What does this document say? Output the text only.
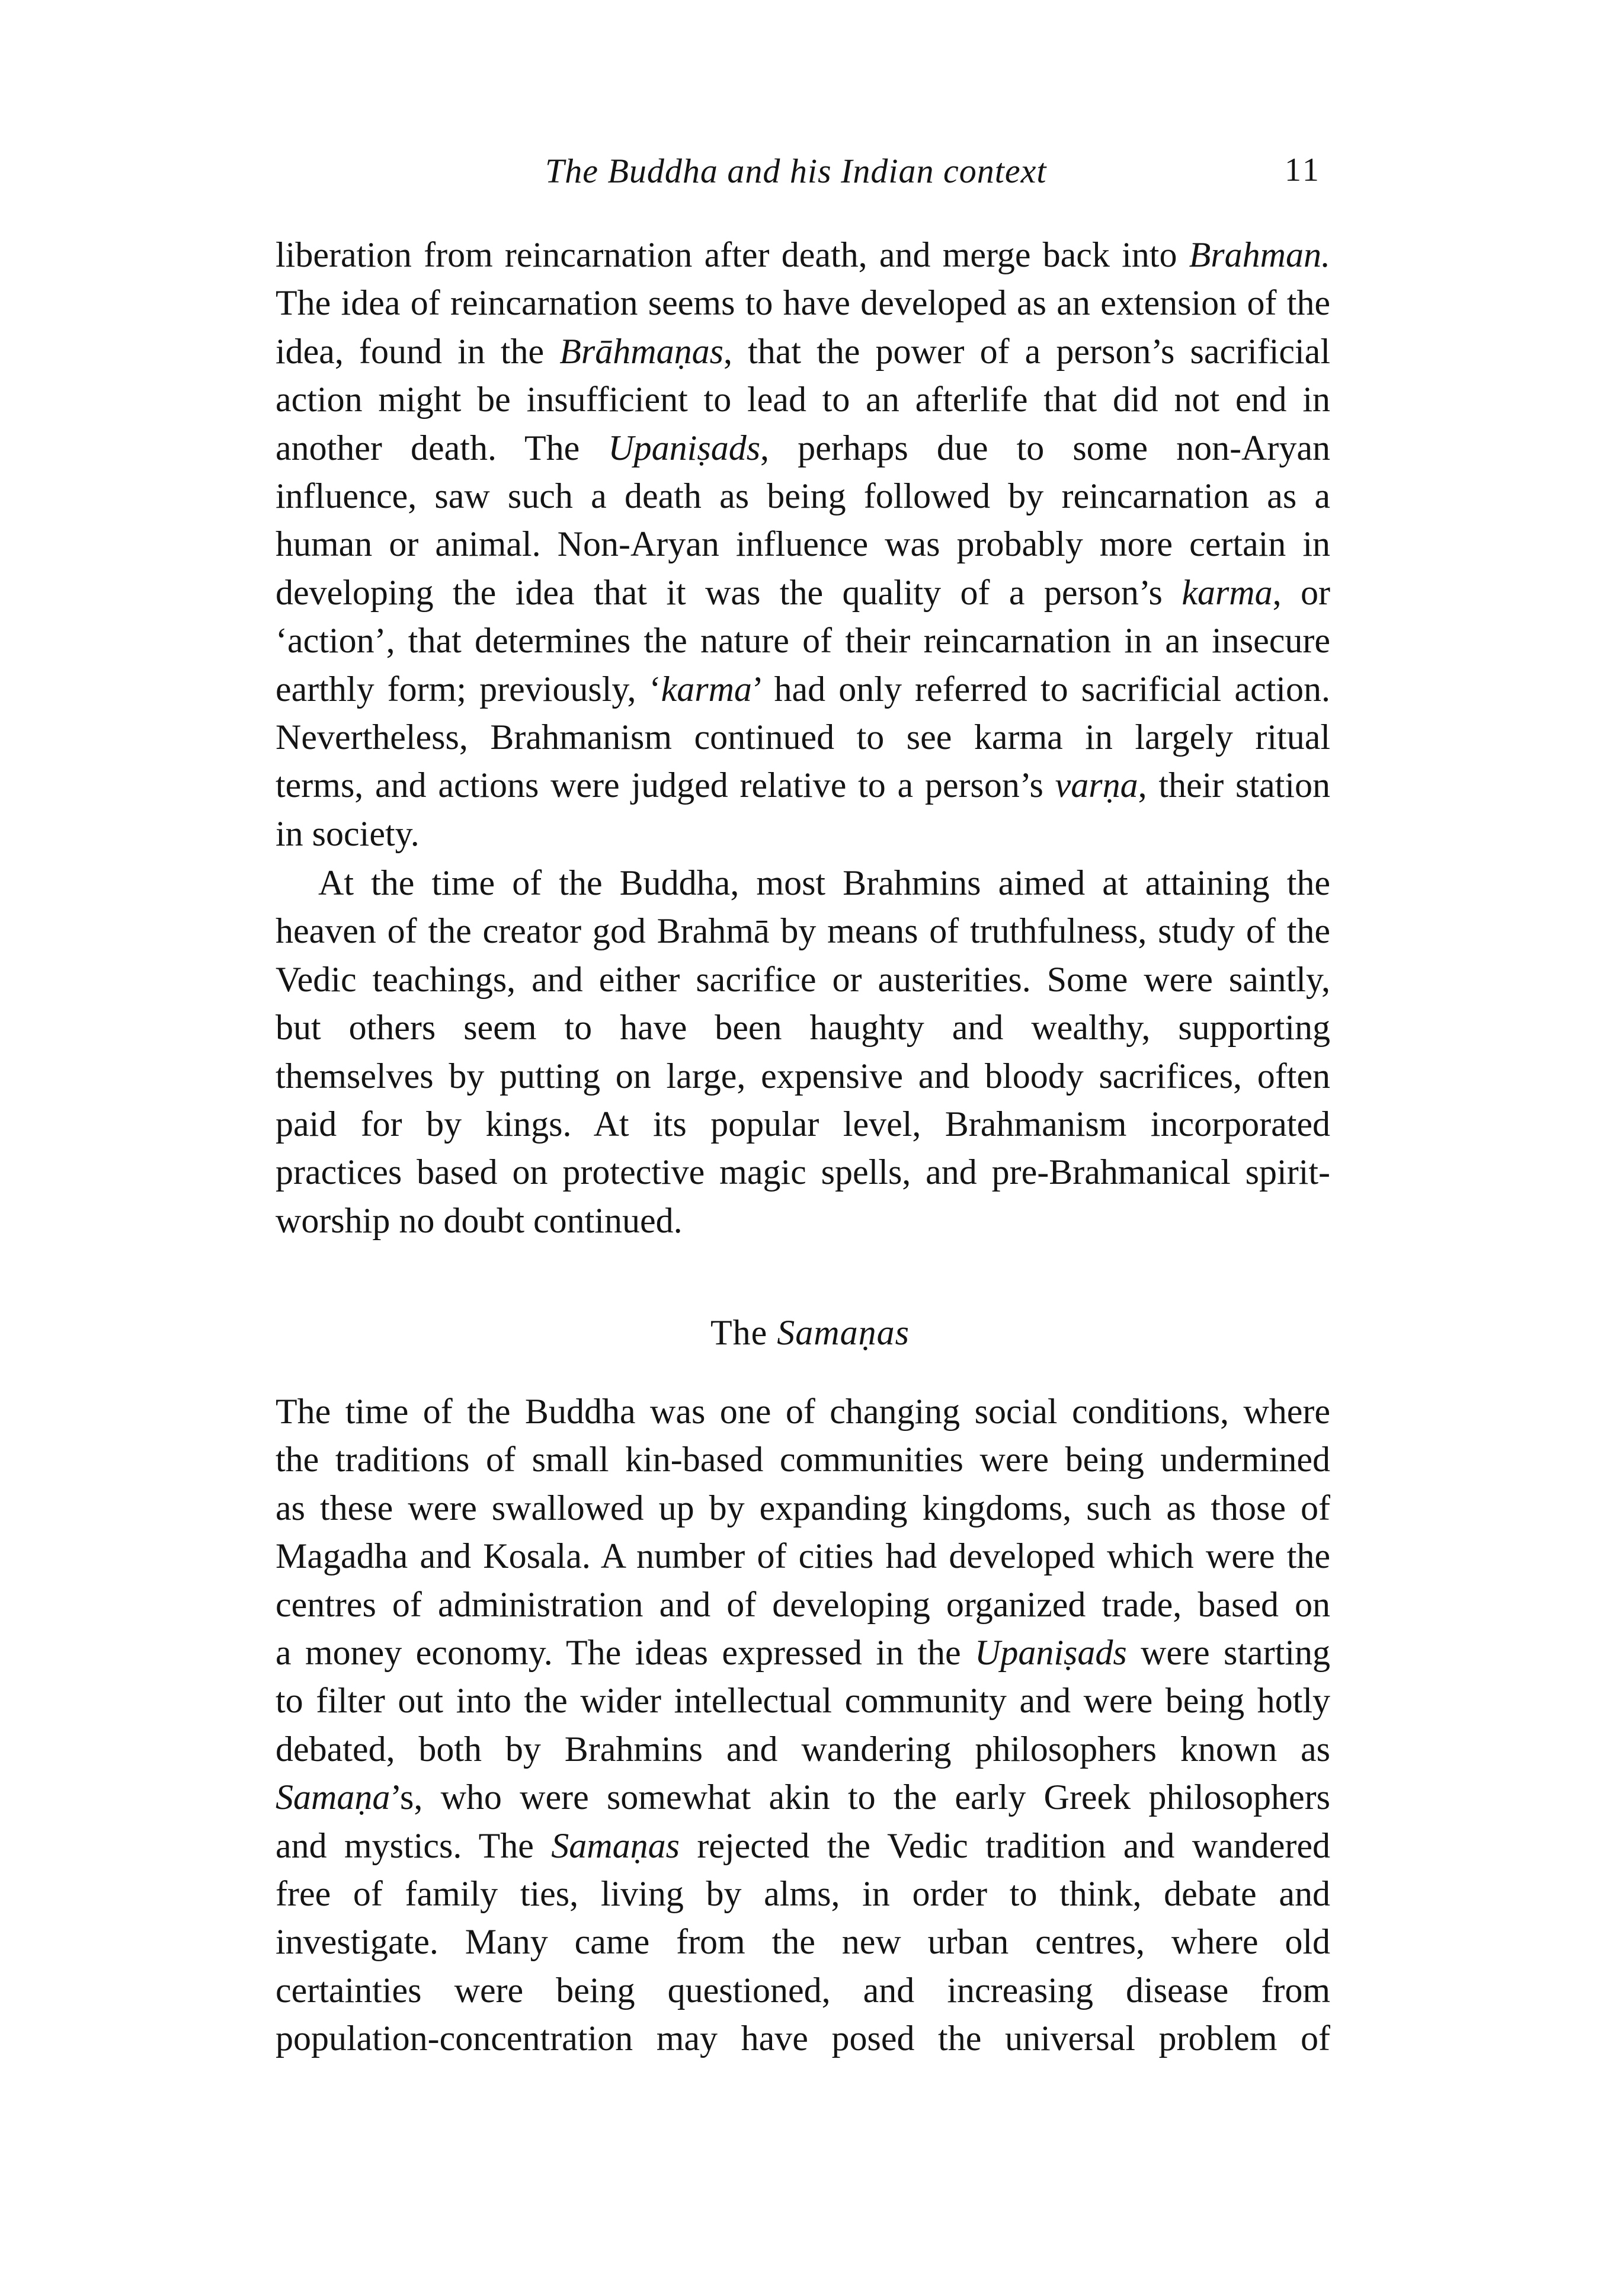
The Buddha and his Indian context	11
liberation from reincarnation after death, and merge back into Brahman.
The idea of reincarnation seems to have developed as an extension of the
idea, found in the Brāhmaṇas, that the power of a person’s sacrificial
action might be insufficient to lead to an afterlife that did not end in
another death. The Upaniṣads, perhaps due to some non-Aryan
influence, saw such a death as being followed by reincarnation as a
human or animal. Non-Aryan influence was probably more certain in
developing the idea that it was the quality of a person’s karma, or
‘action’, that determines the nature of their reincarnation in an insecure
earthly form; previously, ‘karma’ had only referred to sacrificial action.
Nevertheless, Brahmanism continued to see karma in largely ritual
terms, and actions were judged relative to a person’s varṇa, their station
in society.
At the time of the Buddha, most Brahmins aimed at attaining the
heaven of the creator god Brahmā by means of truthfulness, study of the
Vedic teachings, and either sacrifice or austerities. Some were saintly,
but others seem to have been haughty and wealthy, supporting
themselves by putting on large, expensive and bloody sacrifices, often
paid for by kings. At its popular level, Brahmanism incorporated
practices based on protective magic spells, and pre-Brahmanical spirit-
worship no doubt continued.
The Samaṇas
The time of the Buddha was one of changing social conditions, where
the traditions of small kin-based communities were being undermined
as these were swallowed up by expanding kingdoms, such as those of
Magadha and Kosala. A number of cities had developed which were the
centres of administration and of developing organized trade, based on
a money economy. The ideas expressed in the Upaniṣads were starting
to filter out into the wider intellectual community and were being hotly
debated, both by Brahmins and wandering philosophers known as
Samaṇa’s, who were somewhat akin to the early Greek philosophers
and mystics. The Samaṇas rejected the Vedic tradition and wandered
free of family ties, living by alms, in order to think, debate and
investigate. Many came from the new urban centres, where old
certainties were being questioned, and increasing disease from
population-concentration may have posed the universal problem of
